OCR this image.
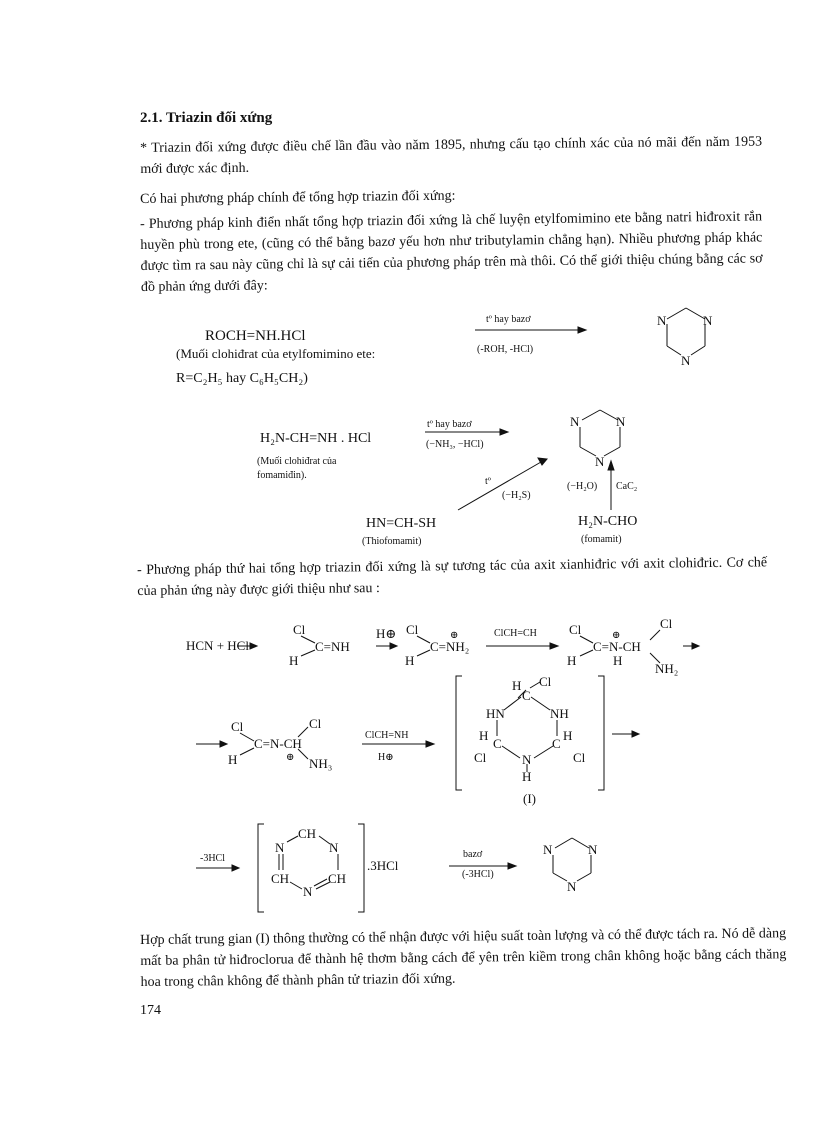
2.1. Triazin đối xứng
* Triazin đối xứng được điều chế lần đầu vào năm 1895, nhưng cấu tạo chính xác của nó mãi đến năm 1953 mới được xác định.
Có hai phương pháp chính để tổng hợp triazin đối xứng:
- Phương pháp kinh điển nhất tổng hợp triazin đối xứng là chế luyện etylfomimino ete bằng natri hiđroxit rắn huyền phù trong ete, (cũng có thể bằng bazơ yếu hơn như tributylamin chẳng hạn). Nhiều phương pháp khác được tìm ra sau này cũng chỉ là sự cải tiến của phương pháp trên mà thôi. Có thể giới thiệu chúng bằng các sơ đồ phản ứng dưới đây:
ROCH=NH.HCl
(Muối clohiđrat của etylfomimino ete:
R=C₂H₅ hay C₆H₅CH₂)
tº hay bazơ
(-ROH, -HCl)
N	N
N
H₂N-CH=NH . HCl
(Muối clohiđrat của
fomamiđin).
tº hay bazơ
(−NH₃, −HCl)
tº
(−H₂S)
HN=CH-SH
(Thiofomamit)
(−H₂O) CaC₂
H₂N-CHO
(fomamit)
N	N
N
HCN + HCl
Cl
C=NH
H
H⊕ Cl	⊕
C=NH₂
H
ClCH=CH Cl	⊕
C=N-CH
Cl
H	H
NH₂
Cl
C=N-CH
Cl
⊕
H	NH₃
ClCH=NH
H⊕
H Cl
C
HN	NH
H
C	C
H
Cl	Cl
N
H
(I)
-3HCl
CH
N	N
CH	CH
N
.3HCl
bazơ
(-3HCl)
N	N
N
- Phương pháp thứ hai tổng hợp triazin đối xứng là sự tương tác của axit xianhiđric với axit clohiđric. Cơ chế của phản ứng này được giới thiệu như sau :
Hợp chất trung gian (I) thông thường có thể nhận được với hiệu suất toàn lượng và có thể được tách ra. Nó dễ dàng mất ba phân tử hiđroclorua để thành hệ thơm bằng cách để yên trên kiềm trong chân không hoặc bằng cách thăng hoa trong chân không để thành phân tử triazin đối xứng.
174
